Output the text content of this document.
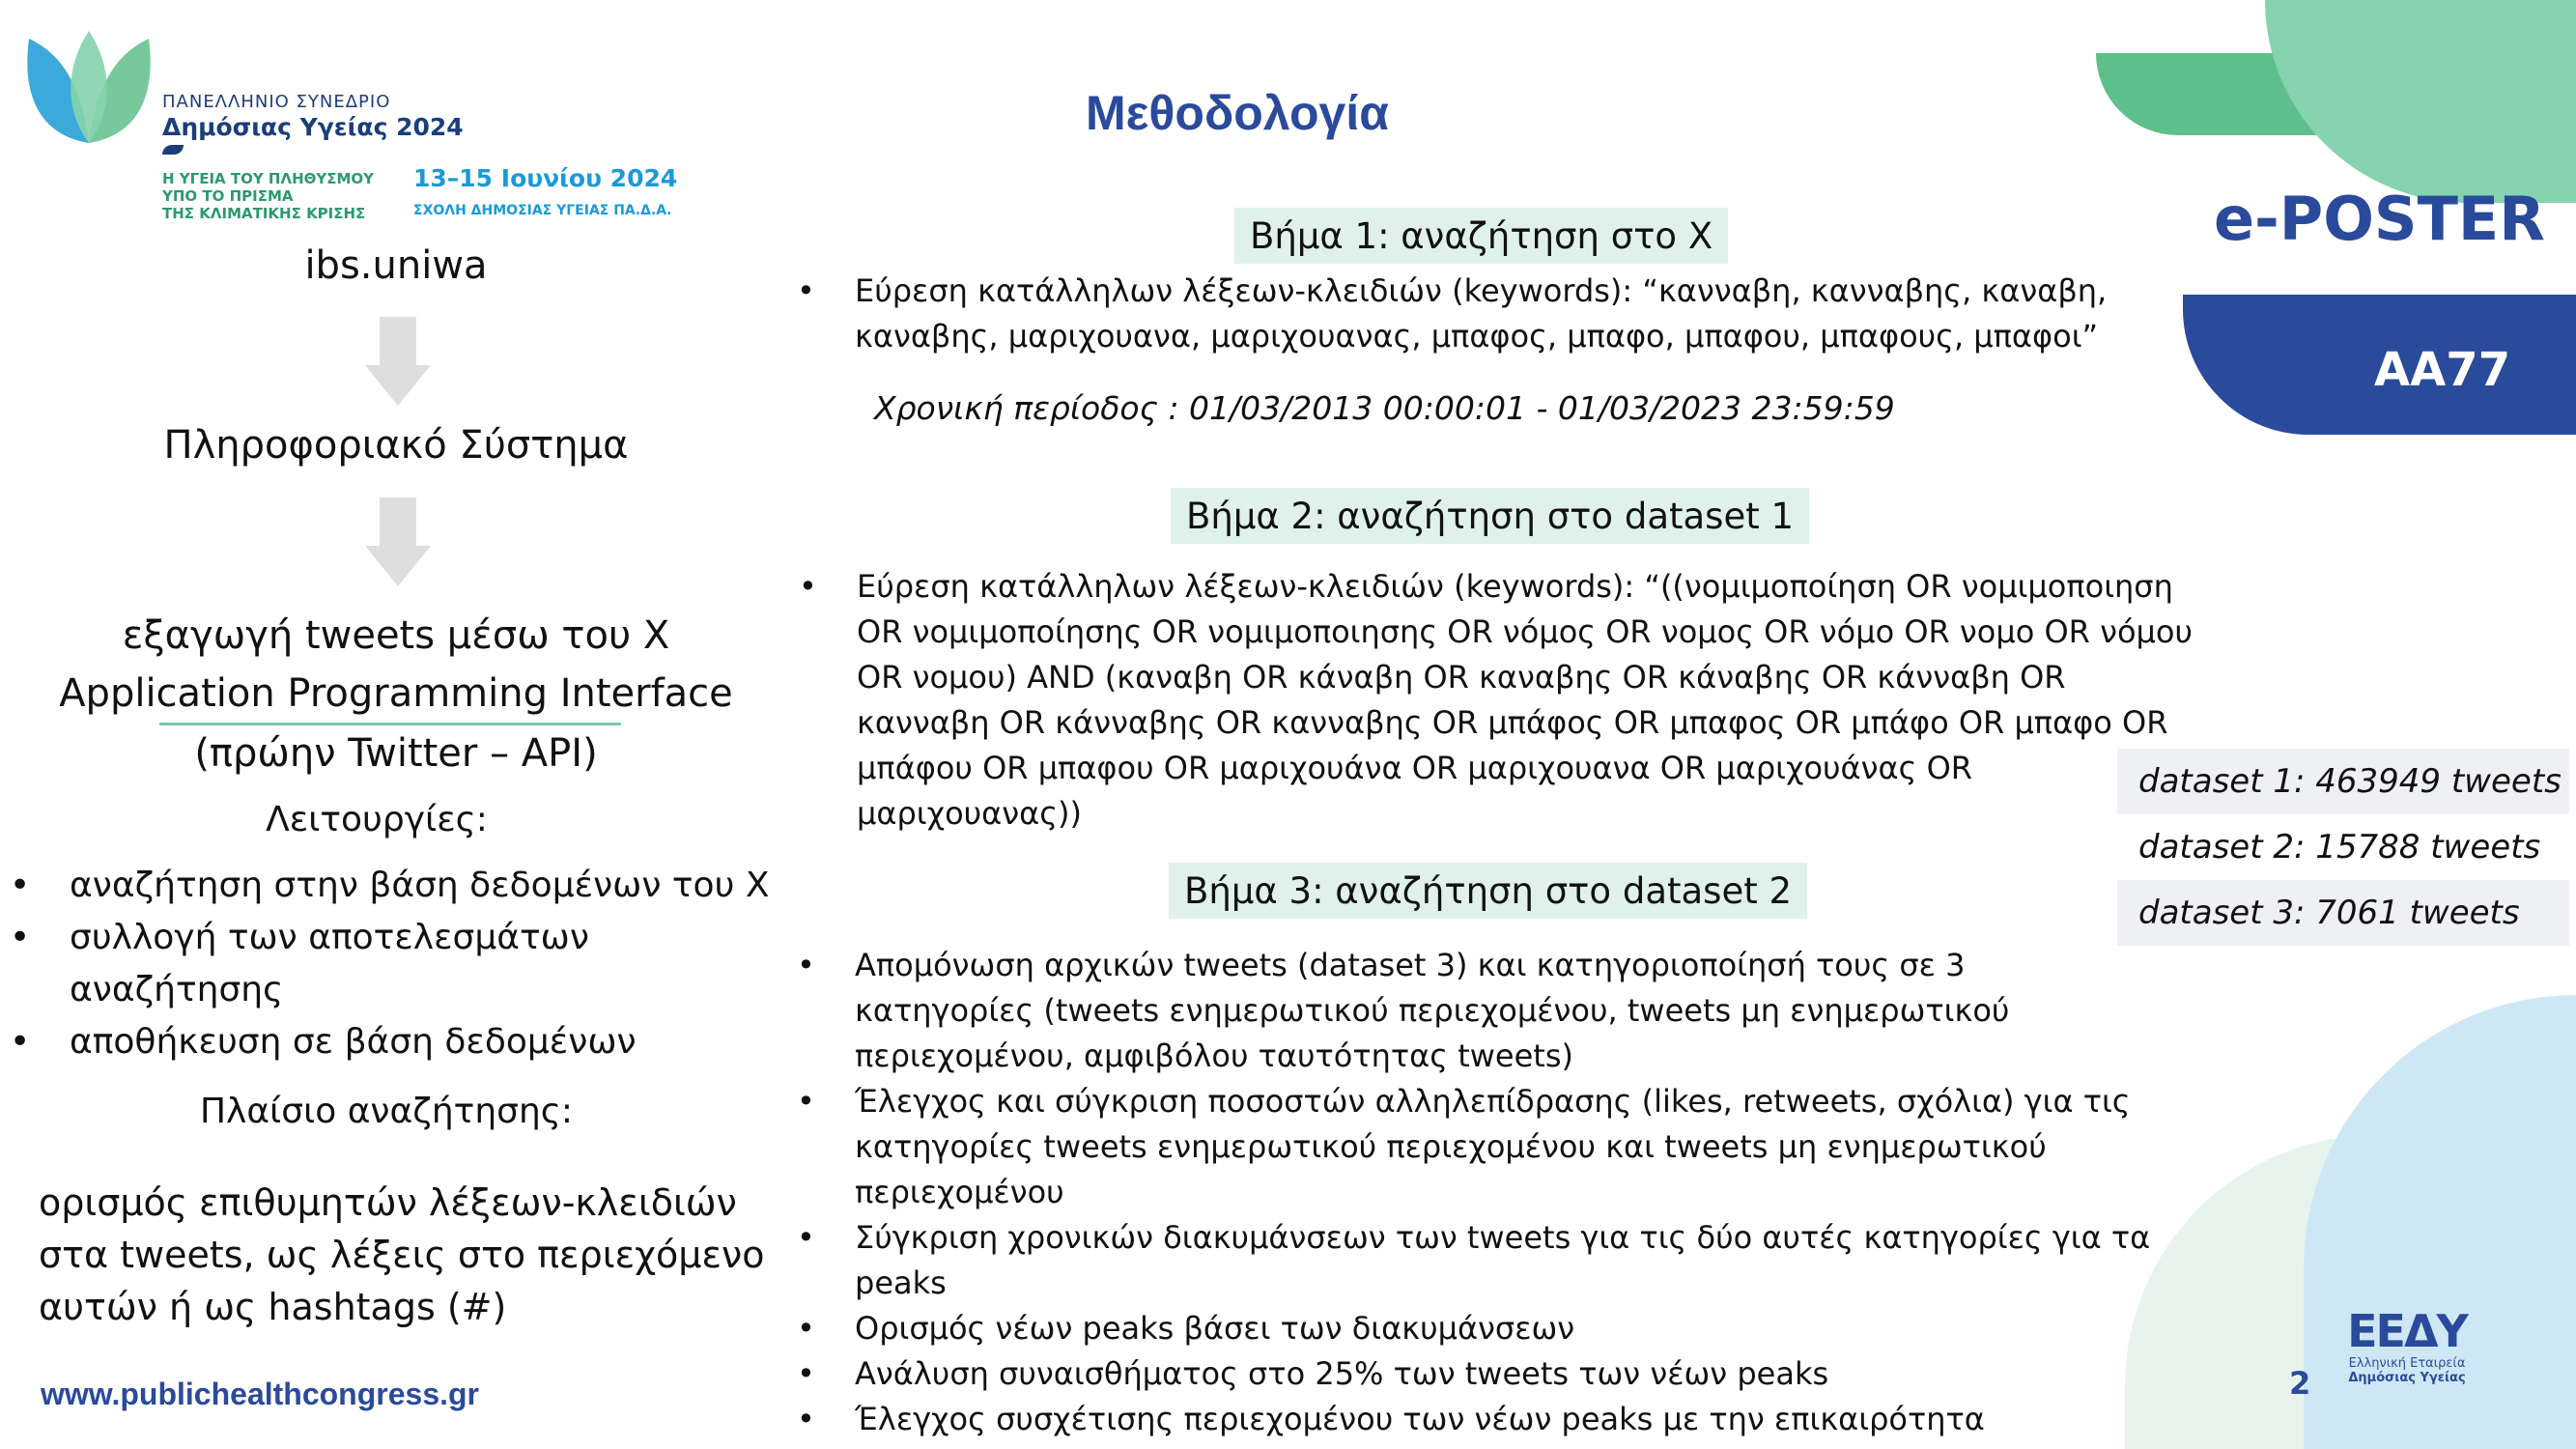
e-POSTER
ΑΑ77
ΠΑΝΕΛΛΗΝΙΟ ΣΥΝΕΔΡΙΟ
Δημόσιας Υγείας 2024
Η ΥΓΕΙΑ ΤΟΥ ΠΛΗΘΥΣΜΟΥ
ΥΠΟ ΤΟ ΠΡΙΣΜΑ
ΤΗΣ ΚΛΙΜΑΤΙΚΗΣ ΚΡΙΣΗΣ
13–15 Ιουνίου 2024
ΣΧΟΛΗ ΔΗΜΟΣΙΑΣ ΥΓΕΙΑΣ ΠΑ.Δ.Α.
Μεθοδολογία
ibs.uniwa
Πληροφοριακό Σύστημα
εξαγωγή tweets μέσω του X
Application Programming Interface
(πρώην Twitter – API)
Λειτουργίες:
• αναζήτηση στην βάση δεδομένων του X
• συλλογή των αποτελεσμάτων αναζήτησης
• αποθήκευση σε βάση δεδομένων
Πλαίσιο αναζήτησης:
ορισμός επιθυμητών λέξεων-κλειδιών στα tweets, ως λέξεις στο περιεχόμενο αυτών ή ως hashtags (#)
www.publichealthcongress.gr
Βήμα 1: αναζήτηση στο X
• Εύρεση κατάλληλων λέξεων-κλειδιών (keywords): “κανναβη, κανναβης, καναβη, καναβης, μαριχουανα, μαριχουανας, μπαφος, μπαφο, μπαφου, μπαφους, μπαφοι”
Χρονική περίοδος : 01/03/2013 00:00:01 - 01/03/2023 23:59:59
Βήμα 2: αναζήτηση στο dataset 1
• Εύρεση κατάλληλων λέξεων-κλειδιών (keywords): “((νομιμοποίηση OR νομιμοποιηση OR νομιμοποίησης OR νομιμοποιησης OR νόμος OR νομος OR νόμο OR νομο OR νόμου OR νομου) AND (καναβη OR κάναβη OR καναβης OR κάναβης OR κάνναβη OR κανναβη OR κάνναβης OR κανναβης OR μπάφος OR μπαφος OR μπάφο OR μπαφο OR μπάφου OR μπαφου OR μαριχουάνα OR μαριχουανα OR μαριχουάνας OR μαριχουανας))
dataset 1: 463949 tweets
dataset 2: 15788 tweets
dataset 3: 7061 tweets
Βήμα 3: αναζήτηση στο dataset 2
• Απομόνωση αρχικών tweets (dataset 3) και κατηγοριοποίησή τους σε 3 κατηγορίες (tweets ενημερωτικού περιεχομένου, tweets μη ενημερωτικού περιεχομένου, αμφιβόλου ταυτότητας tweets)
• Έλεγχος και σύγκριση ποσοστών αλληλεπίδρασης (likes, retweets, σχόλια) για τις κατηγορίες tweets ενημερωτικού περιεχομένου και tweets μη ενημερωτικού περιεχομένου
• Σύγκριση χρονικών διακυμάνσεων των tweets για τις δύο αυτές κατηγορίες για τα peaks
• Ορισμός νέων peaks βάσει των διακυμάνσεων
• Ανάλυση συναισθήματος στο 25% των tweets των νέων peaks
• Έλεγχος συσχέτισης περιεχομένου των νέων peaks με την επικαιρότητα
2
ΕΕΔΥ
Ελληνική Εταιρεία
Δημόσιας Υγείας
